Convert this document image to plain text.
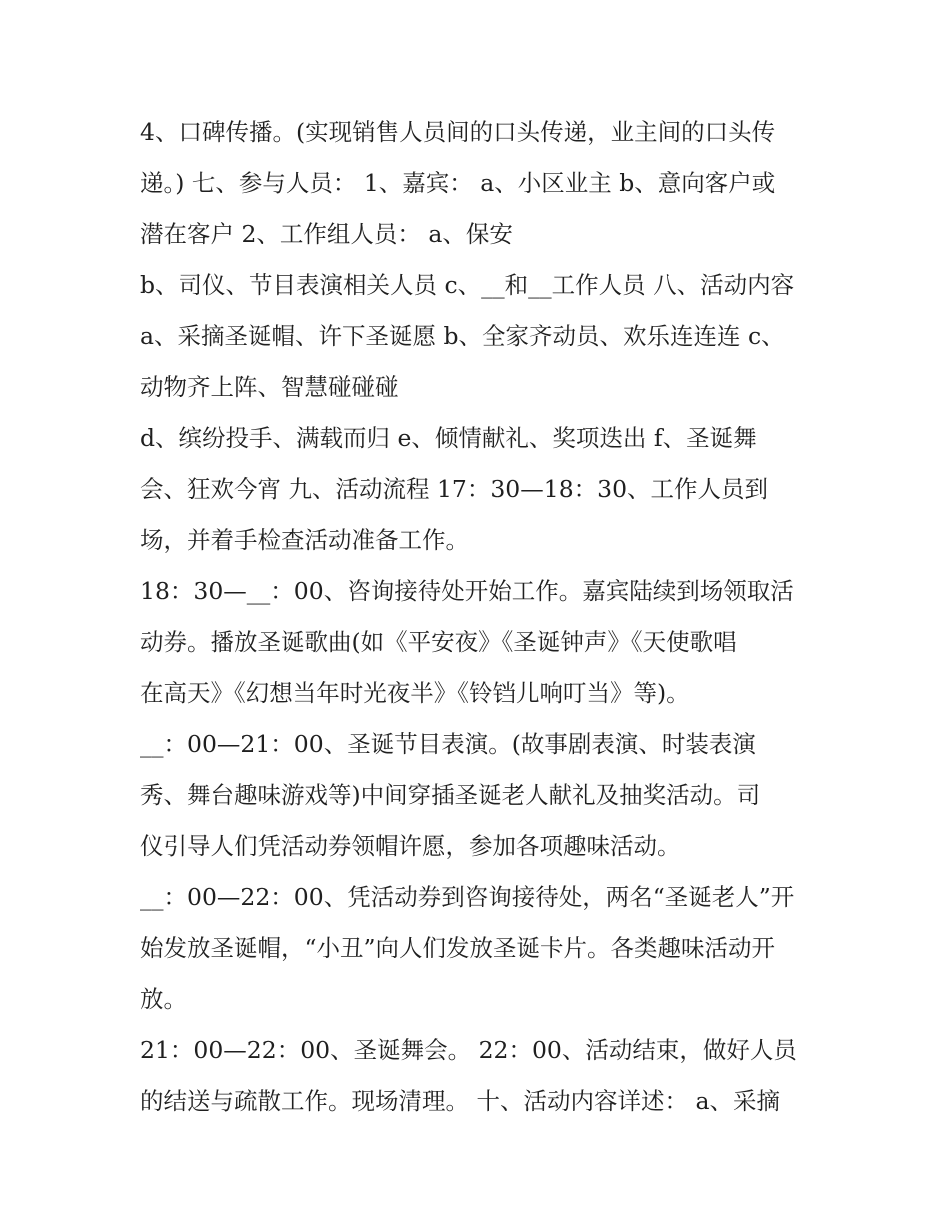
4、口碑传播。(实现销售人员间的口头传递，业主间的口头传
递。) 七、参与人员： 1、嘉宾： a、小区业主 b、意向客户或
潜在客户 2、工作组人员： a、保安
b、司仪、节目表演相关人员 c、__和__工作人员 八、活动内容
a、采摘圣诞帽、许下圣诞愿 b、全家齐动员、欢乐连连连 c、
动物齐上阵、智慧碰碰碰
d、缤纷投手、满载而归 e、倾情献礼、奖项迭出 f、圣诞舞
会、狂欢今宵 九、活动流程 17：30—18：30、工作人员到
场，并着手检查活动准备工作。
18：30—__：00、咨询接待处开始工作。嘉宾陆续到场领取活
动券。播放圣诞歌曲(如《平安夜》《圣诞钟声》《天使歌唱
在高天》《幻想当年时光夜半》《铃铛儿响叮当》等)。
__：00—21：00、圣诞节目表演。(故事剧表演、时装表演
秀、舞台趣味游戏等)中间穿插圣诞老人献礼及抽奖活动。司
仪引导人们凭活动券领帽许愿，参加各项趣味活动。
__：00—22：00、凭活动券到咨询接待处，两名“圣诞老人”开
始发放圣诞帽，“小丑”向人们发放圣诞卡片。各类趣味活动开
放。
21：00—22：00、圣诞舞会。 22：00、活动结束，做好人员
的结送与疏散工作。现场清理。 十、活动内容详述： a、采摘
